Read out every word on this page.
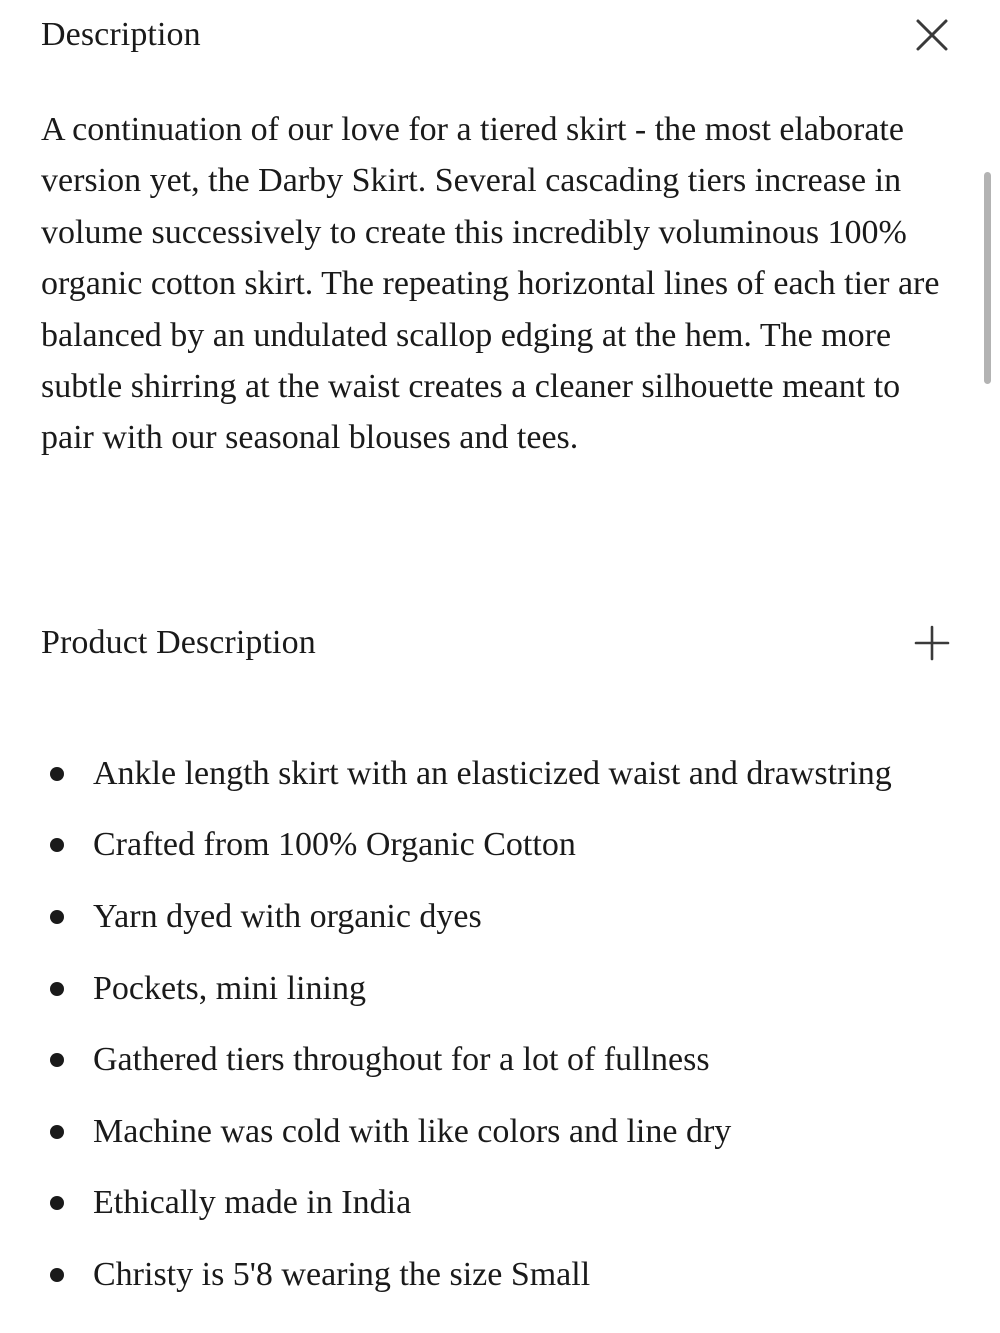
Description

A continuation of our love for a tiered skirt - the most elaborate version yet, the Darby Skirt. Several cascading tiers increase in volume successively to create this incredibly voluminous 100% organic cotton skirt. The repeating horizontal lines of each tier are balanced by an undulated scallop edging at the hem. The more subtle shirring at the waist creates a cleaner silhouette meant to pair with our seasonal blouses and tees.

Product Description
Ankle length skirt with an elasticized waist and drawstring
Crafted from 100% Organic Cotton
Yarn dyed with organic dyes
Pockets, mini lining
Gathered tiers throughout for a lot of fullness
Machine was cold with like colors and line dry
Ethically made in India
Christy is 5'8 wearing the size Small
